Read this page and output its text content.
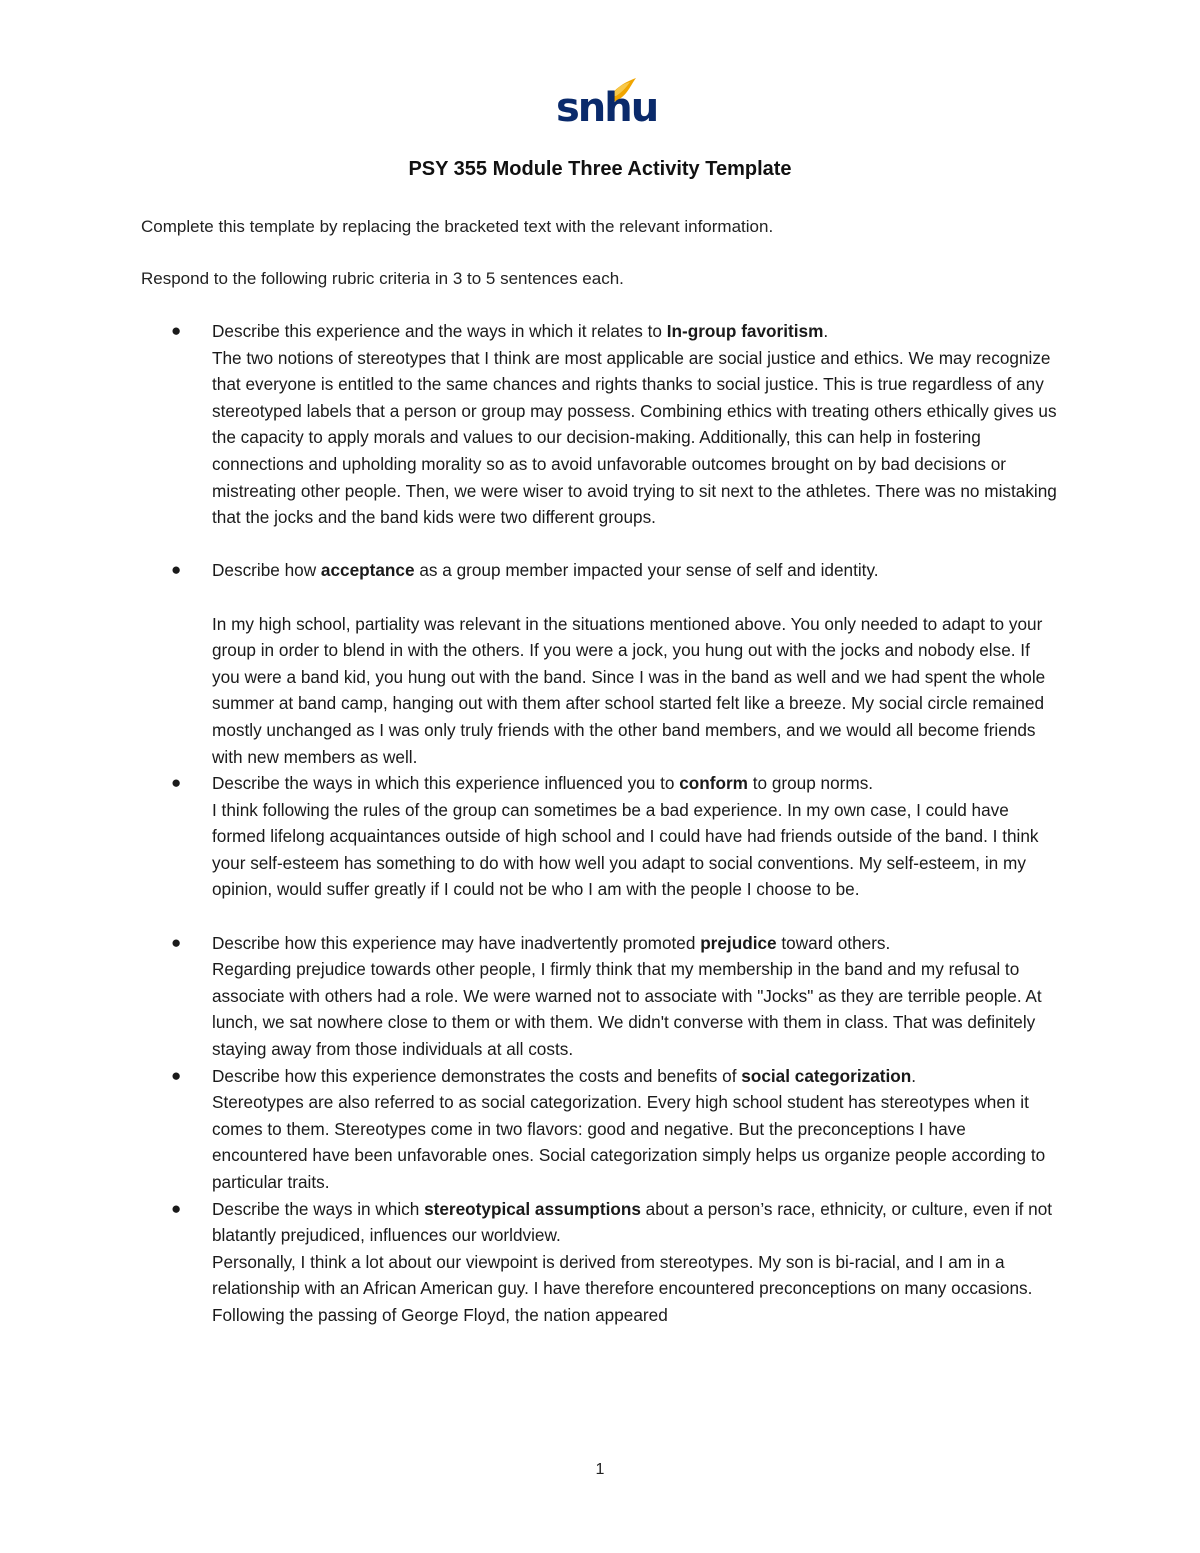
snhu
PSY 355 Module Three Activity Template
Complete this template by replacing the bracketed text with the relevant information.
Respond to the following rubric criteria in 3 to 5 sentences each.
● Describe this experience and the ways in which it relates to In-group favoritism.
The two notions of stereotypes that I think are most applicable are social justice and ethics. We may recognize that everyone is entitled to the same chances and rights thanks to social justice. This is true regardless of any stereotyped labels that a person or group may possess. Combining ethics with treating others ethically gives us the capacity to apply morals and values to our decision-making. Additionally, this can help in fostering connections and upholding morality so as to avoid unfavorable outcomes brought on by bad decisions or mistreating other people. Then, we were wiser to avoid trying to sit next to the athletes. There was no mistaking that the jocks and the band kids were two different groups.
● Describe how acceptance as a group member impacted your sense of self and identity.
In my high school, partiality was relevant in the situations mentioned above. You only needed to adapt to your group in order to blend in with the others. If you were a jock, you hung out with the jocks and nobody else. If you were a band kid, you hung out with the band. Since I was in the band as well and we had spent the whole summer at band camp, hanging out with them after school started felt like a breeze. My social circle remained mostly unchanged as I was only truly friends with the other band members, and we would all become friends with new members as well.
● Describe the ways in which this experience influenced you to conform to group norms.
I think following the rules of the group can sometimes be a bad experience. In my own case, I could have formed lifelong acquaintances outside of high school and I could have had friends outside of the band. I think your self-esteem has something to do with how well you adapt to social conventions. My self-esteem, in my opinion, would suffer greatly if I could not be who I am with the people I choose to be.
● Describe how this experience may have inadvertently promoted prejudice toward others.
Regarding prejudice towards other people, I firmly think that my membership in the band and my refusal to associate with others had a role. We were warned not to associate with "Jocks" as they are terrible people. At lunch, we sat nowhere close to them or with them. We didn't converse with them in class. That was definitely staying away from those individuals at all costs.
● Describe how this experience demonstrates the costs and benefits of social categorization.
Stereotypes are also referred to as social categorization. Every high school student has stereotypes when it comes to them. Stereotypes come in two flavors: good and negative. But the preconceptions I have encountered have been unfavorable ones. Social categorization simply helps us organize people according to particular traits.
● Describe the ways in which stereotypical assumptions about a person’s race, ethnicity, or culture, even if not blatantly prejudiced, influences our worldview.
Personally, I think a lot about our viewpoint is derived from stereotypes. My son is bi-racial, and I am in a relationship with an African American guy. I have therefore encountered preconceptions on many occasions. Following the passing of George Floyd, the nation appeared
1
